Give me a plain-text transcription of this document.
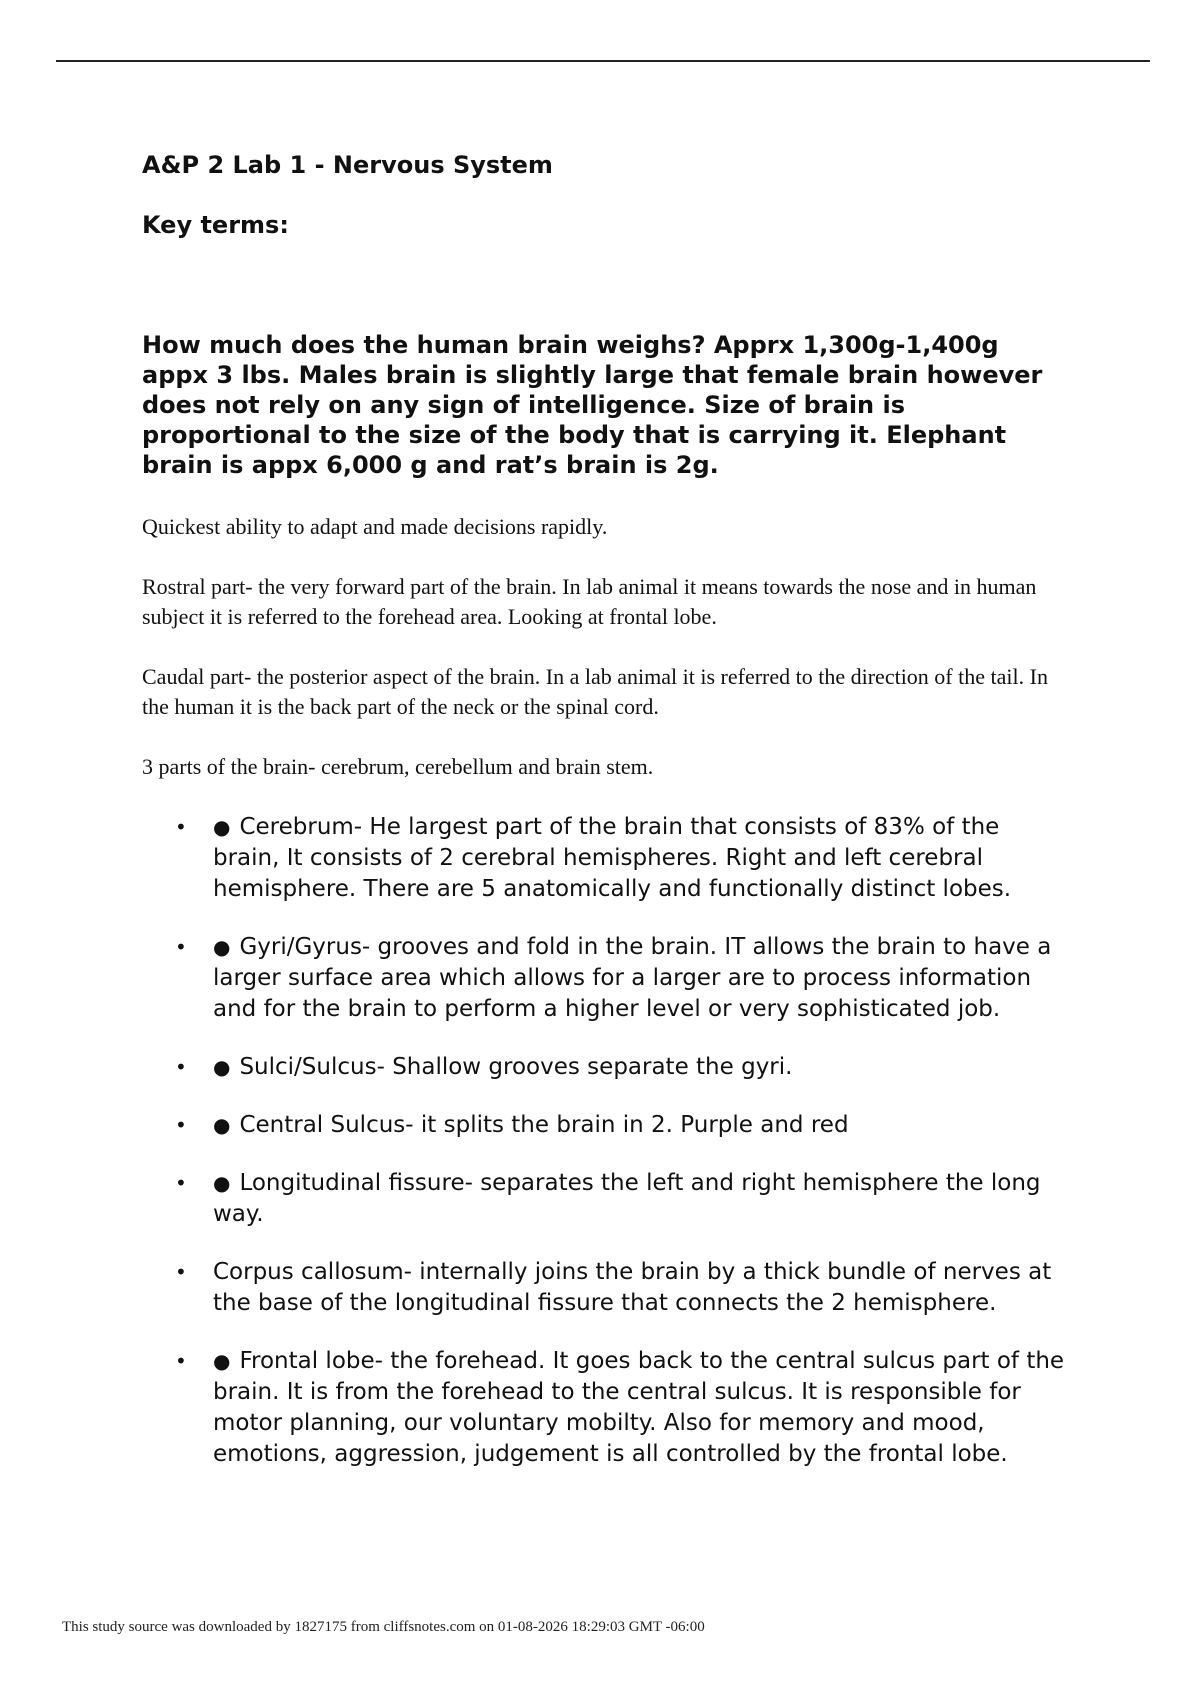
A&P 2 Lab 1 - Nervous System
Key terms:

How much does the human brain weighs? Apprx 1,300g-1,400g appx 3 lbs. Males brain is slightly large that female brain however does not rely on any sign of intelligence. Size of brain is proportional to the size of the body that is carrying it. Elephant brain is appx 6,000 g and rat’s brain is 2g.

Quickest ability to adapt and made decisions rapidly.

Rostral part- the very forward part of the brain. In lab animal it means towards the nose and in human subject it is referred to the forehead area. Looking at frontal lobe.

Caudal part- the posterior aspect of the brain. In a lab animal it is referred to the direction of the tail. In the human it is the back part of the neck or the spinal cord.

3 parts of the brain- cerebrum, cerebellum and brain stem.

• ● Cerebrum- He largest part of the brain that consists of 83% of the brain, It consists of 2 cerebral hemispheres. Right and left cerebral hemisphere. There are 5 anatomically and functionally distinct lobes.
• ● Gyri/Gyrus- grooves and fold in the brain. IT allows the brain to have a larger surface area which allows for a larger are to process information and for the brain to perform a higher level or very sophisticated job.
• ● Sulci/Sulcus- Shallow grooves separate the gyri.
• ● Central Sulcus- it splits the brain in 2. Purple and red
• ● Longitudinal fissure- separates the left and right hemisphere the long way.
• Corpus callosum- internally joins the brain by a thick bundle of nerves at the base of the longitudinal fissure that connects the 2 hemisphere.
• ● Frontal lobe- the forehead. It goes back to the central sulcus part of the brain. It is from the forehead to the central sulcus. It is responsible for motor planning, our voluntary mobilty. Also for memory and mood, emotions, aggression, judgement is all controlled by the frontal lobe.
This study source was downloaded by 1827175 from cliffsnotes.com on 01-08-2026 18:29:03 GMT -06:00
